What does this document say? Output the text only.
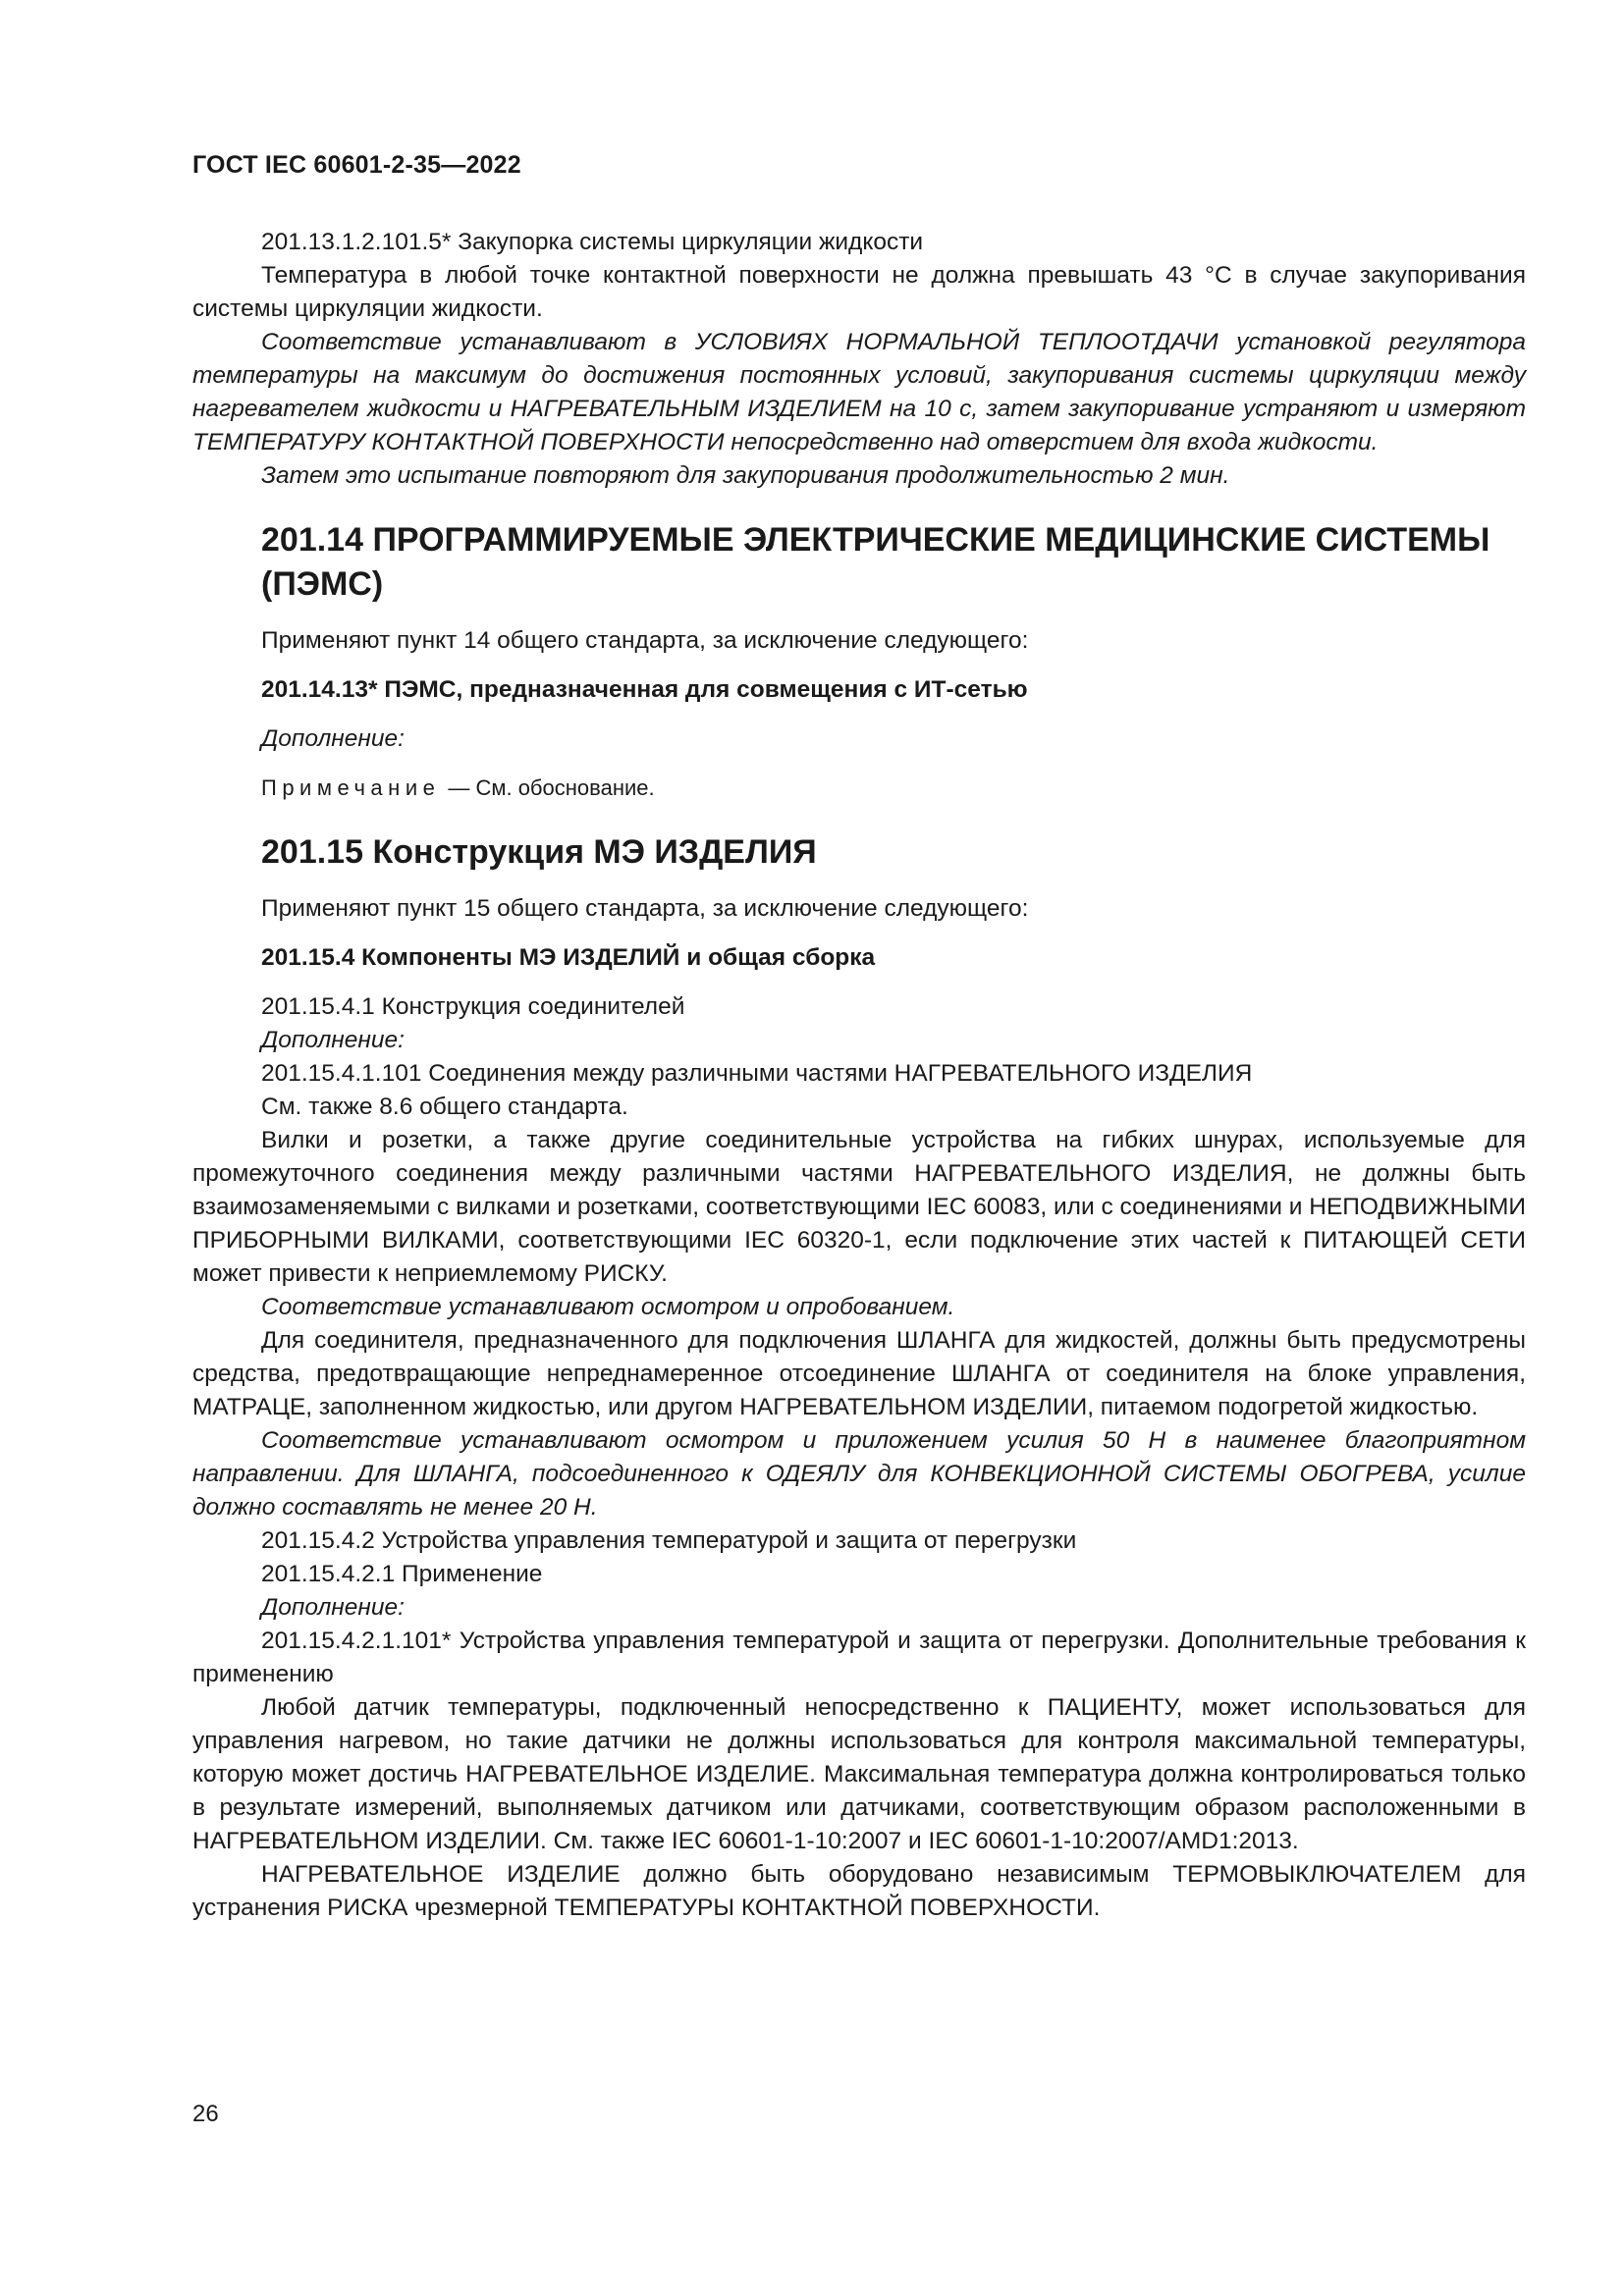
ГОСТ IEC 60601-2-35—2022

201.13.1.2.101.5* Закупорка системы циркуляции жидкости

Температура в любой точке контактной поверхности не должна превышать 43 °С в случае закупоривания системы циркуляции жидкости.

Соответствие устанавливают в УСЛОВИЯХ НОРМАЛЬНОЙ ТЕПЛООТДАЧИ установкой регулятора температуры на максимум до достижения постоянных условий, закупоривания системы циркуляции между нагревателем жидкости и НАГРЕВАТЕЛЬНЫМ ИЗДЕЛИЕМ на 10 с, затем закупоривание устраняют и измеряют ТЕМПЕРАТУРУ КОНТАКТНОЙ ПОВЕРХНОСТИ непосредственно над отверстием для входа жидкости.

Затем это испытание повторяют для закупоривания продолжительностью 2 мин.

201.14 ПРОГРАММИРУЕМЫЕ ЭЛЕКТРИЧЕСКИЕ МЕДИЦИНСКИЕ СИСТЕМЫ (ПЭМС)

Применяют пункт 14 общего стандарта, за исключение следующего:

201.14.13* ПЭМС, предназначенная для совмещения с ИТ-сетью

Дополнение:

Примечание — См. обоснование.

201.15 Конструкция МЭ ИЗДЕЛИЯ

Применяют пункт 15 общего стандарта, за исключение следующего:

201.15.4 Компоненты МЭ ИЗДЕЛИЙ и общая сборка

201.15.4.1 Конструкция соединителей

Дополнение:

201.15.4.1.101 Соединения между различными частями НАГРЕВАТЕЛЬНОГО ИЗДЕЛИЯ

См. также 8.6 общего стандарта.

Вилки и розетки, а также другие соединительные устройства на гибких шнурах, используемые для промежуточного соединения между различными частями НАГРЕВАТЕЛЬНОГО ИЗДЕЛИЯ, не должны быть взаимозаменяемыми с вилками и розетками, соответствующими IEC 60083, или с соединениями и НЕПОДВИЖНЫМИ ПРИБОРНЫМИ ВИЛКАМИ, соответствующими IEC 60320-1, если подключение этих частей к ПИТАЮЩЕЙ СЕТИ может привести к неприемлемому РИСКУ.

Соответствие устанавливают осмотром и опробованием.

Для соединителя, предназначенного для подключения ШЛАНГА для жидкостей, должны быть предусмотрены средства, предотвращающие непреднамеренное отсоединение ШЛАНГА от соединителя на блоке управления, МАТРАЦЕ, заполненном жидкостью, или другом НАГРЕВАТЕЛЬНОМ ИЗДЕЛИИ, питаемом подогретой жидкостью.

Соответствие устанавливают осмотром и приложением усилия 50 Н в наименее благоприятном направлении. Для ШЛАНГА, подсоединенного к ОДЕЯЛУ для КОНВЕКЦИОННОЙ СИСТЕМЫ ОБОГРЕВА, усилие должно составлять не менее 20 Н.

201.15.4.2 Устройства управления температурой и защита от перегрузки

201.15.4.2.1 Применение

Дополнение:

201.15.4.2.1.101* Устройства управления температурой и защита от перегрузки. Дополнительные требования к применению

Любой датчик температуры, подключенный непосредственно к ПАЦИЕНТУ, может использоваться для управления нагревом, но такие датчики не должны использоваться для контроля максимальной температуры, которую может достичь НАГРЕВАТЕЛЬНОЕ ИЗДЕЛИЕ. Максимальная температура должна контролироваться только в результате измерений, выполняемых датчиком или датчиками, соответствующим образом расположенными в НАГРЕВАТЕЛЬНОМ ИЗДЕЛИИ. См. также IEC 60601-1-10:2007 и IEC 60601-1-10:2007/AMD1:2013.

НАГРЕВАТЕЛЬНОЕ ИЗДЕЛИЕ должно быть оборудовано независимым ТЕРМОВЫКЛЮЧАТЕЛЕМ для устранения РИСКА чрезмерной ТЕМПЕРАТУРЫ КОНТАКТНОЙ ПОВЕРХНОСТИ.

26
